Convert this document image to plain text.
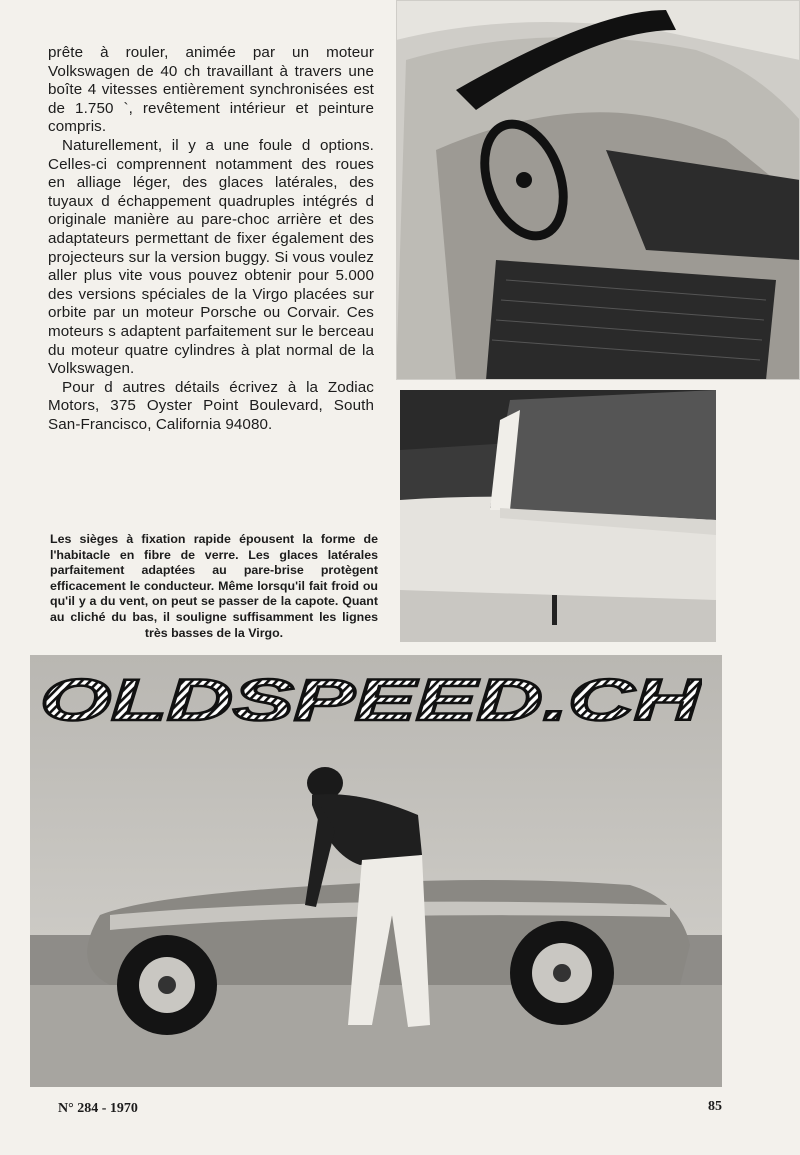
prête à rouler, animée par un moteur Volkswagen de 40 ch travaillant à travers une boîte 4 vitesses entièrement synchronisées est de 1.750 `, revêtement intérieur et peinture compris.

Naturellement, il y a une foule d options. Celles-ci comprennent notamment des roues en alliage léger, des glaces latérales, des tuyaux d échappement quadruples intégrés d originale manière au pare-choc arrière et des adaptateurs permettant de fixer également des projecteurs sur la version buggy. Si vous voulez aller plus vite vous pouvez obtenir pour 5.000 des versions spéciales de la Virgo placées sur orbite par un moteur Porsche ou Corvair. Ces moteurs s adaptent parfaitement sur le berceau du moteur quatre cylindres à plat normal de la Volkswagen.

Pour d autres détails écrivez à la Zodiac Motors, 375 Oyster Point Boulevard, South San-Francisco, California 94080.

Les sièges à fixation rapide épousent la forme de l'habitacle en fibre de verre. Les glaces latérales parfaitement adaptées au pare-brise protègent efficacement le conducteur. Même lorsqu'il fait froid ou qu'il y a du vent, on peut se passer de la capote. Quant au cliché du bas, il souligne suffisamment les lignes très basses de la Virgo.
OLDSPEED.CH
N° 284 - 1970	85
